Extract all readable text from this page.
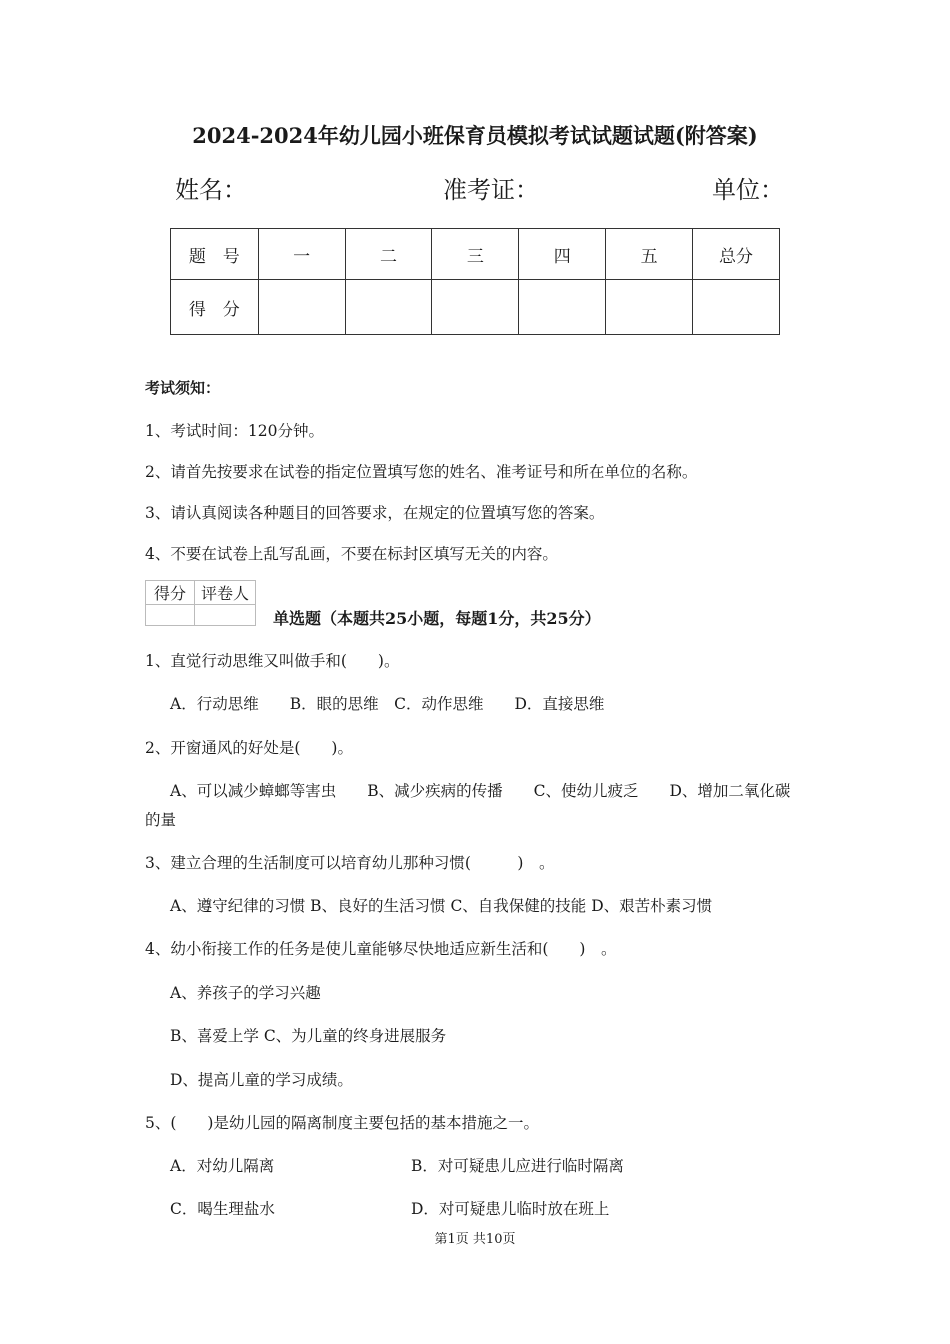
2024-2024年幼儿园小班保育员模拟考试试题试题(附答案)
姓名：	准考证：	单位：
题　号	一	二	三	四	五	总分
得　分						
考试须知：
1、考试时间：120分钟。
2、请首先按要求在试卷的指定位置填写您的姓名、准考证号和所在单位的名称。
3、请认真阅读各种题目的回答要求，在规定的位置填写您的答案。
4、不要在试卷上乱写乱画，不要在标封区填写无关的内容。
得分	评卷人

单选题（本题共25小题，每题1分，共25分）
1、直觉行动思维又叫做手和(　　)。
A．行动思维　　B．眼的思维　C．动作思维　　D．直接思维
2、开窗通风的好处是(　　)。
A、可以减少蟑螂等害虫　　B、减少疾病的传播　　C、使幼儿疲乏　　D、增加二氧化碳
的量
3、建立合理的生活制度可以培育幼儿那种习惯(　　　)　。
A、遵守纪律的习惯 B、良好的生活习惯 C、自我保健的技能 D、艰苦朴素习惯
4、幼小衔接工作的任务是使儿童能够尽快地适应新生活和(　　)　。
A、养孩子的学习兴趣
B、喜爱上学 C、为儿童的终身进展服务
D、提高儿童的学习成绩。
5、(　　)是幼儿园的隔离制度主要包括的基本措施之一。
A．对幼儿隔离	B．对可疑患儿应进行临时隔离
C．喝生理盐水	D．对可疑患儿临时放在班上
第1页 共10页
